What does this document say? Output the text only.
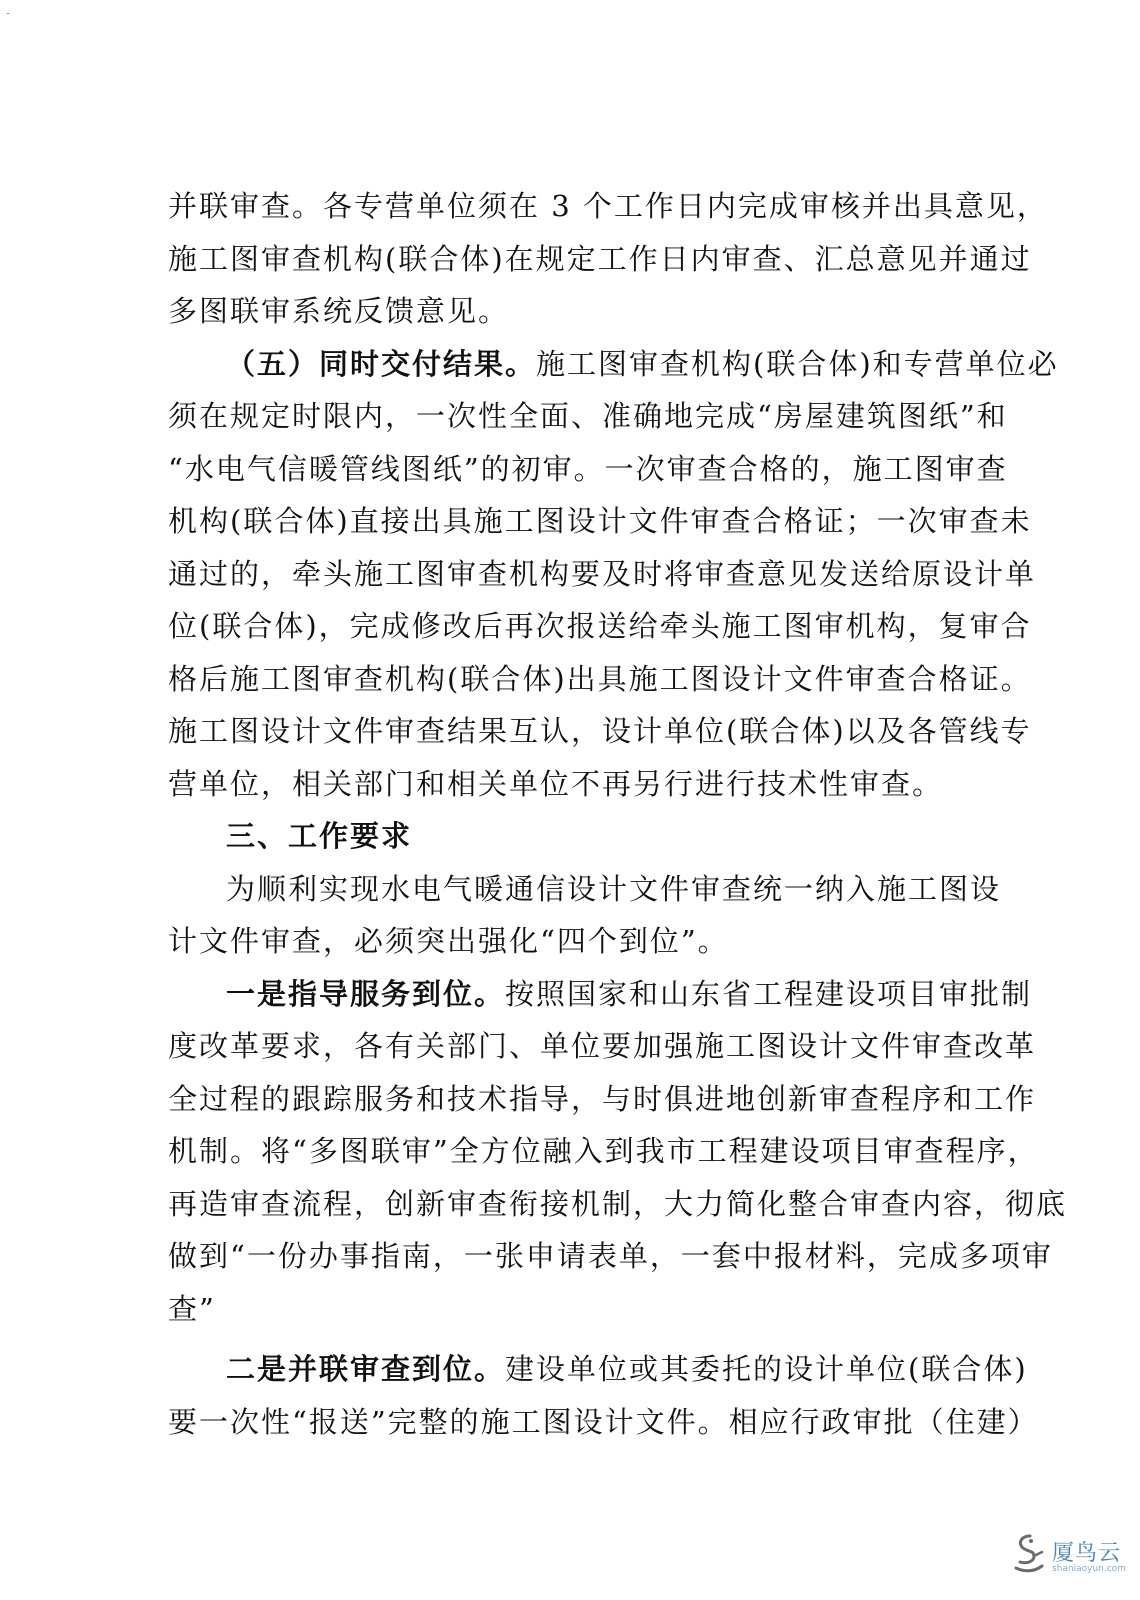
-

并联审查。各专营单位须在 3 个工作日内完成审核并出具意见，
施工图审查机构(联合体)在规定工作日内审查、汇总意见并通过
多图联审系统反馈意见。

（五）同时交付结果。施工图审查机构(联合体)和专营单位必
须在规定时限内，一次性全面、准确地完成“房屋建筑图纸”和
“水电气信暖管线图纸”的初审。一次审查合格的，施工图审查
机构(联合体)直接出具施工图设计文件审查合格证；一次审查未
通过的，牵头施工图审查机构要及时将审查意见发送给原设计单
位(联合体)，完成修改后再次报送给牵头施工图审机构，复审合
格后施工图审查机构(联合体)出具施工图设计文件审查合格证。
施工图设计文件审查结果互认，设计单位(联合体)以及各管线专
营单位，相关部门和相关单位不再另行进行技术性审查。

三、工作要求

为顺利实现水电气暖通信设计文件审查统一纳入施工图设
计文件审查，必须突出强化“四个到位”。

一是指导服务到位。按照国家和山东省工程建设项目审批制
度改革要求，各有关部门、单位要加强施工图设计文件审查改革
全过程的跟踪服务和技术指导，与时俱进地创新审查程序和工作
机制。将“多图联审”全方位融入到我市工程建设项目审查程序，
再造审查流程，创新审查衔接机制，大力简化整合审查内容，彻底
做到“一份办事指南，一张申请表单，一套中报材料，完成多项审
查”

二是并联审查到位。建设单位或其委托的设计单位(联合体)
要一次性“报送”完整的施工图设计文件。相应行政审批（住建）

厦鸟云
shaniaoyun.com
